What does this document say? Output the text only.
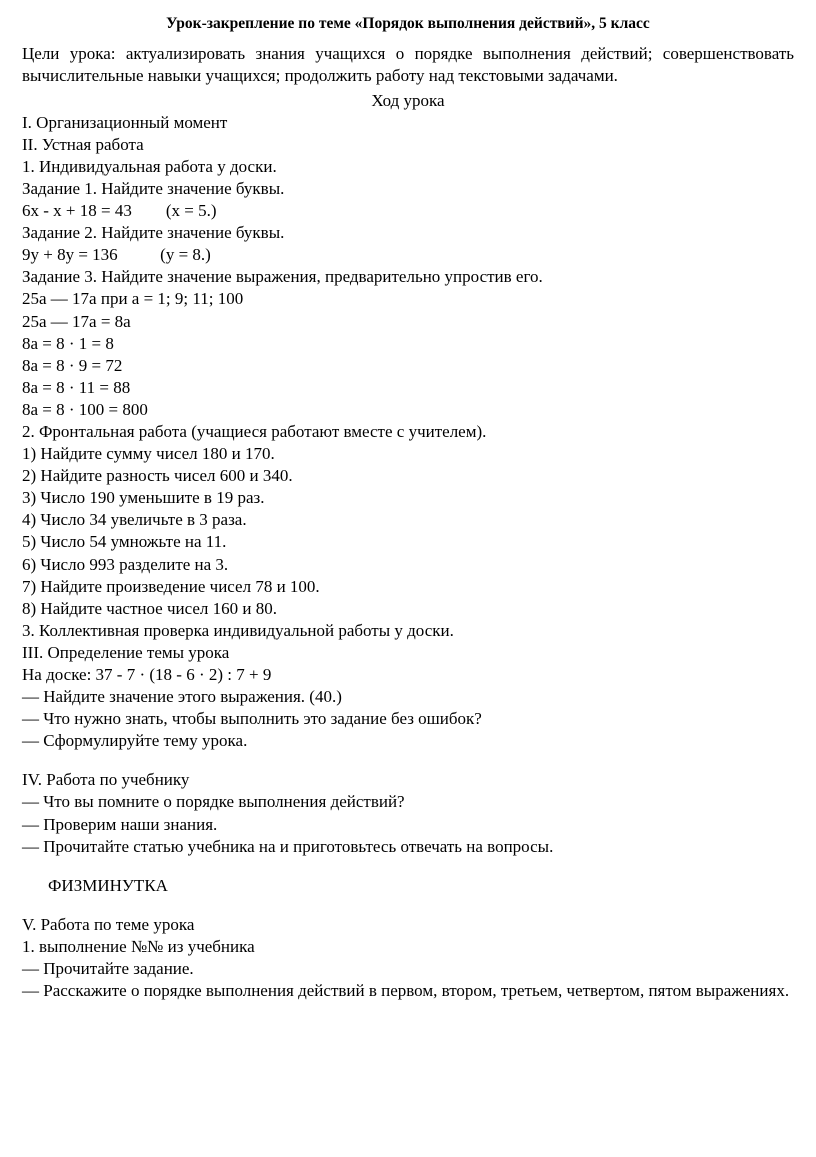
Урок-закрепление по теме «Порядок выполнения действий», 5 класс

Цели урока: актуализировать знания учащихся о порядке выполнения действий; совершенствовать вычислительные навыки учащихся; продолжить работу над текстовыми задачами.

Ход урока

I. Организационный момент
II. Устная работа
1. Индивидуальная работа у доски.
Задание 1. Найдите значение буквы.
6х - х + 18 = 43        (х = 5.)
Задание 2. Найдите значение буквы.
9у + 8у = 136          (у = 8.)
Задание 3. Найдите значение выражения, предварительно упростив его.
25а — 17а при а = 1; 9; 11; 100
25а — 17а = 8а
8а = 8 · 1 = 8
8а = 8 · 9 = 72
8а = 8 · 11 = 88
8а = 8 · 100 = 800
2. Фронтальная работа (учащиеся работают вместе с учителем).
1) Найдите сумму чисел 180 и 170.
2) Найдите разность чисел 600 и 340.
3) Число 190 уменьшите в 19 раз.
4) Число 34 увеличьте в 3 раза.
5) Число 54 умножьте на 11.
6) Число 993 разделите на 3.
7) Найдите произведение чисел 78 и 100.
8) Найдите частное чисел 160 и 80.
3. Коллективная проверка индивидуальной работы у доски.
III. Определение темы урока
На доске: 37 - 7 · (18 - 6 · 2) : 7 + 9
— Найдите значение этого выражения. (40.)
— Что нужно знать, чтобы выполнить это задание без ошибок?
— Сформулируйте тему урока.
IV. Работа по учебнику
— Что вы помните о порядке выполнения действий?
— Проверим наши знания.
— Прочитайте статью учебника на и приготовьтесь отвечать на вопросы.
ФИЗМИНУТКА
V. Работа по теме урока
1. выполнение №№ из учебника
— Прочитайте задание.
— Расскажите о порядке выполнения действий в первом, втором, третьем, четвертом, пятом выражениях.
